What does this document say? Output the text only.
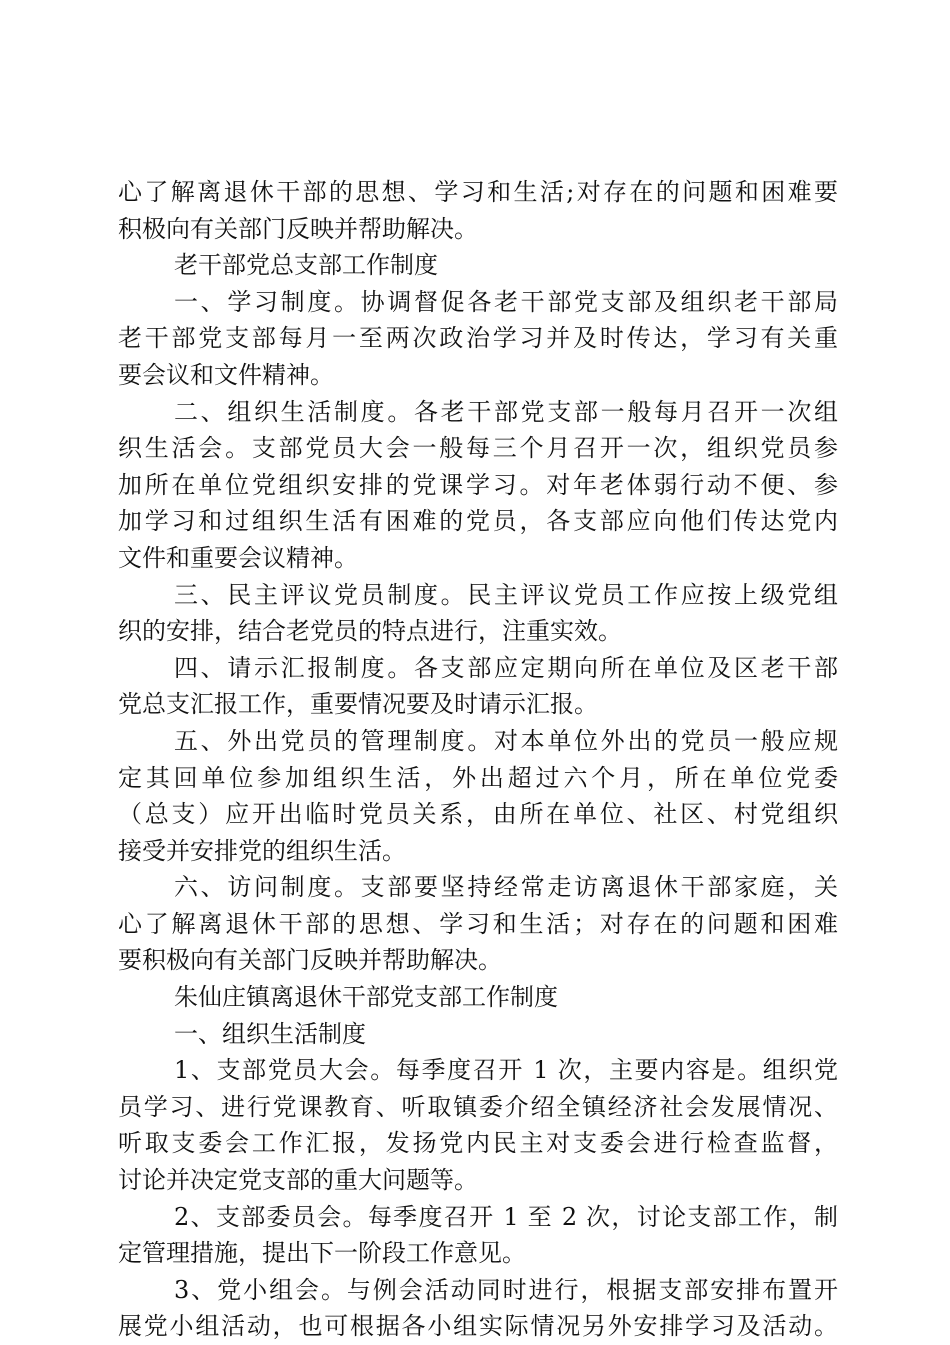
心了解离退休干部的思想、学习和生活;对存在的问题和困难要
积极向有关部门反映并帮助解决。
老干部党总支部工作制度
一、学习制度。协调督促各老干部党支部及组织老干部局
老干部党支部每月一至两次政治学习并及时传达，学习有关重
要会议和文件精神。
二、组织生活制度。各老干部党支部一般每月召开一次组
织生活会。支部党员大会一般每三个月召开一次，组织党员参
加所在单位党组织安排的党课学习。对年老体弱行动不便、参
加学习和过组织生活有困难的党员，各支部应向他们传达党内
文件和重要会议精神。
三、民主评议党员制度。民主评议党员工作应按上级党组
织的安排，结合老党员的特点进行，注重实效。
四、请示汇报制度。各支部应定期向所在单位及区老干部
党总支汇报工作，重要情况要及时请示汇报。
五、外出党员的管理制度。对本单位外出的党员一般应规
定其回单位参加组织生活，外出超过六个月，所在单位党委
（总支）应开出临时党员关系，由所在单位、社区、村党组织
接受并安排党的组织生活。
六、访问制度。支部要坚持经常走访离退休干部家庭，关
心了解离退休干部的思想、学习和生活；对存在的问题和困难
要积极向有关部门反映并帮助解决。
朱仙庄镇离退休干部党支部工作制度
一、组织生活制度
1、支部党员大会。每季度召开 1 次，主要内容是。组织党
员学习、进行党课教育、听取镇委介绍全镇经济社会发展情况、
听取支委会工作汇报，发扬党内民主对支委会进行检查监督，
讨论并决定党支部的重大问题等。
2、支部委员会。每季度召开 1 至 2 次，讨论支部工作，制
定管理措施，提出下一阶段工作意见。
3、党小组会。与例会活动同时进行，根据支部安排布置开
展党小组活动，也可根据各小组实际情况另外安排学习及活动。
